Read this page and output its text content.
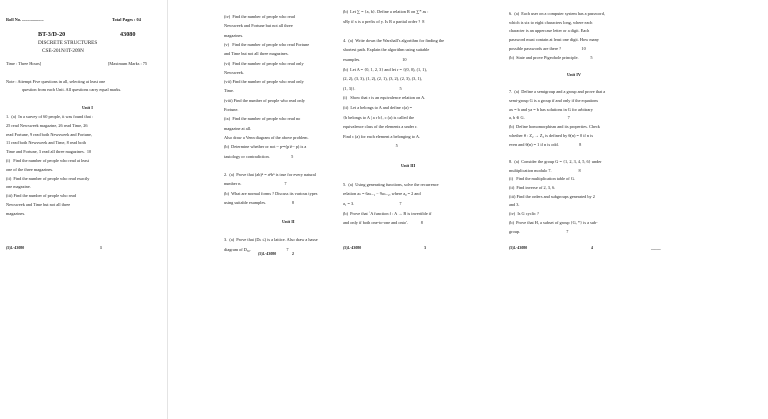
Roll No. ....................	Total Pages : 04
BT-3/D-20	43080
DISCRETE STRUCTURES
CSE-201N/IT-209N
Time : Three Hours]	[Maximum Marks : 75
Note : Attempt Five questions in all, selecting at least one
question from each Unit. All questions carry equal marks.
Unit I
1.  (a)  In a survey of 60 people, it was found that :
25 read Newsweek magazine, 26 read Time, 26
read Fortune, 9 read both Newsweek and Fortune,
11 read both Newsweek and Time, 8 read both
Time and Fortune, 3 read all three magazines.  10
(i)   Find the number of people who read at least
one of the three magazines.
(ii)  Find the number of people who read exactly
one magazine.
(iii) Find the number of people who read
Newsweek and Time but not all three
magazines.
(5)L-43080	1
(iv)  Find the number of people who read
Newsweek and Fortune but not all three
magazines.
(v)   Find the number of people who read Fortune
and Time but not all three magazines.
(vi)  Find the number of people who read only
Newsweek.
(vii) Find the number of people who read only
Time.
(viii) Find the number of people who read only
Fortune.
(ix)  Find the number of people who read no
magazine at all.
Also draw a Venn diagram of the above problem.
(b)  Determine whether or not ~ p⇒(p∨~ p) is a
tautology or contradiction.                    5
2.  (a)  Prove that (ab)ⁿ = aⁿbⁿ is true for every natural
number n.                                        7
(b)  What are normal forms ? Discuss its various types
using suitable examples.                        8
Unit II
3.  (a)  Prove that (Dₙ ≤) is a lattice. Also draw a hasse
diagram of D₃₀.                                 7
(5)L-43080	2
(b)  Let ∑ = {a, b}. Define a relation R on ∑* as :
xRy if x is a prefix of y. Is R a partial order ?  8
4.  (a)  Write down the Warshall's algorithm for finding the
shortest path. Explain the algorithm using suitable
examples.                                       10
(b)  Let A = {0, 1, 2, 3} and let r = {(0, 0), (1, 1),
(2, 2), (3, 3), (1, 2), (2, 1), (3, 2), (2, 3), (3, 1),
(1, 3)}.                                         5
(i)   Show that r is an equivalence relation on A.
(ii)  Let a belongs to A and define c(a) =
{b belongs to A | a r b}, c (a) is called the
equivalence class of the elements a under r.
Find c (a) for each element a belonging to A.
5
Unit III
5.  (a)  Using generating functions, solve the recurrence
relation aₙ = 6aₙ₋₁ − 9aₙ₋₂, where a₀ = 2 and
a₁ = 3.                                          7
(b)  Prove that `A function f : A → B is invertible if
and only if both one-to-one and onto'.            8
(5)L-43080	3
6.  (a)  Each user on a computer system has a password,
which is six to eight characters long, where each
character is an uppercase letter or a digit. Each
password must contain at least one digit. How many
possible passwords are there ?                   10
(b)  State and prove Pigeohole principle.           5
Unit IV
7.  (a)  Define a semigroup and a group and prove that a
semi-group G is a group if and only if the equations
ax = b and ya = b has solutions in G for arbitrary
a, b ∈ G.                                        7
(b)  Define homomorphism and its properties. Check
whether θ : Z₂ → Z₂ is defined by θ(n) = 0 if n is
even and θ(n) = 1 if n is odd.                   8
8.  (a)  Consider the group G = {1, 2, 3, 4, 5, 6} under
multiplication modulo 7.                         8
(i)   Find the multiplication table of G.
(ii)  Find inverse of 2, 3, 6.
(iii) Find the orders and subgroups generated by 2
and 3.
(iv)  Is G cyclic ?
(b)  Prove that H, a subset of group {G, *} is a sub-
group.                                           7
(5)L-43080	4	_____
